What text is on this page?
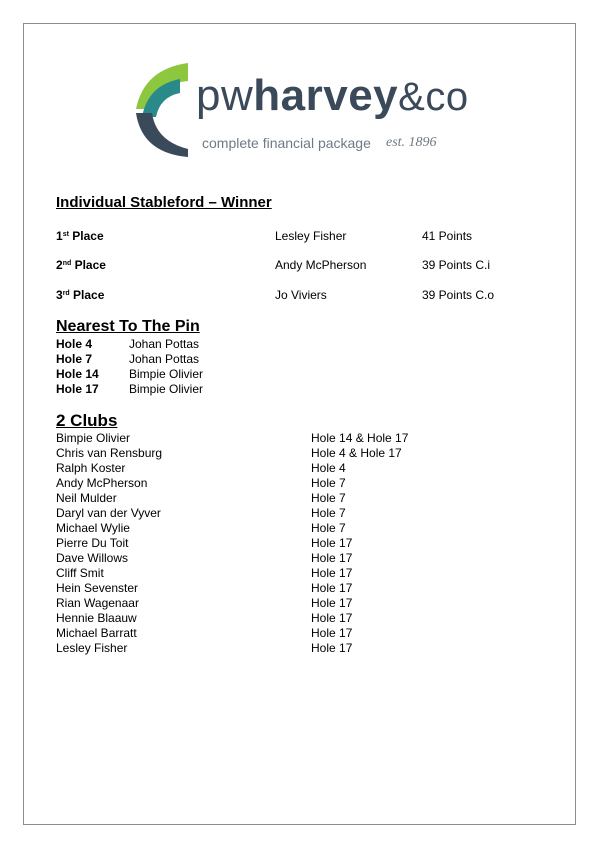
pwharvey&co
complete financial package est. 1896
Individual Stableford – Winner
1st Place	Lesley Fisher	41 Points
2nd Place	Andy McPherson	39 Points C.i
3rd Place	Jo Viviers	39 Points C.o
Nearest To The Pin
Hole 4	Johan Pottas
Hole 7	Johan Pottas
Hole 14	Bimpie Olivier
Hole 17	Bimpie Olivier
2 Clubs
Bimpie Olivier	Hole 14 & Hole 17
Chris van Rensburg	Hole 4 & Hole 17
Ralph Koster	Hole 4
Andy McPherson	Hole 7
Neil Mulder	Hole 7
Daryl van der Vyver	Hole 7
Michael Wylie	Hole 7
Pierre Du Toit	Hole 17
Dave Willows	Hole 17
Cliff Smit	Hole 17
Hein Sevenster	Hole 17
Rian Wagenaar	Hole 17
Hennie Blaauw	Hole 17
Michael Barratt	Hole 17
Lesley Fisher	Hole 17
